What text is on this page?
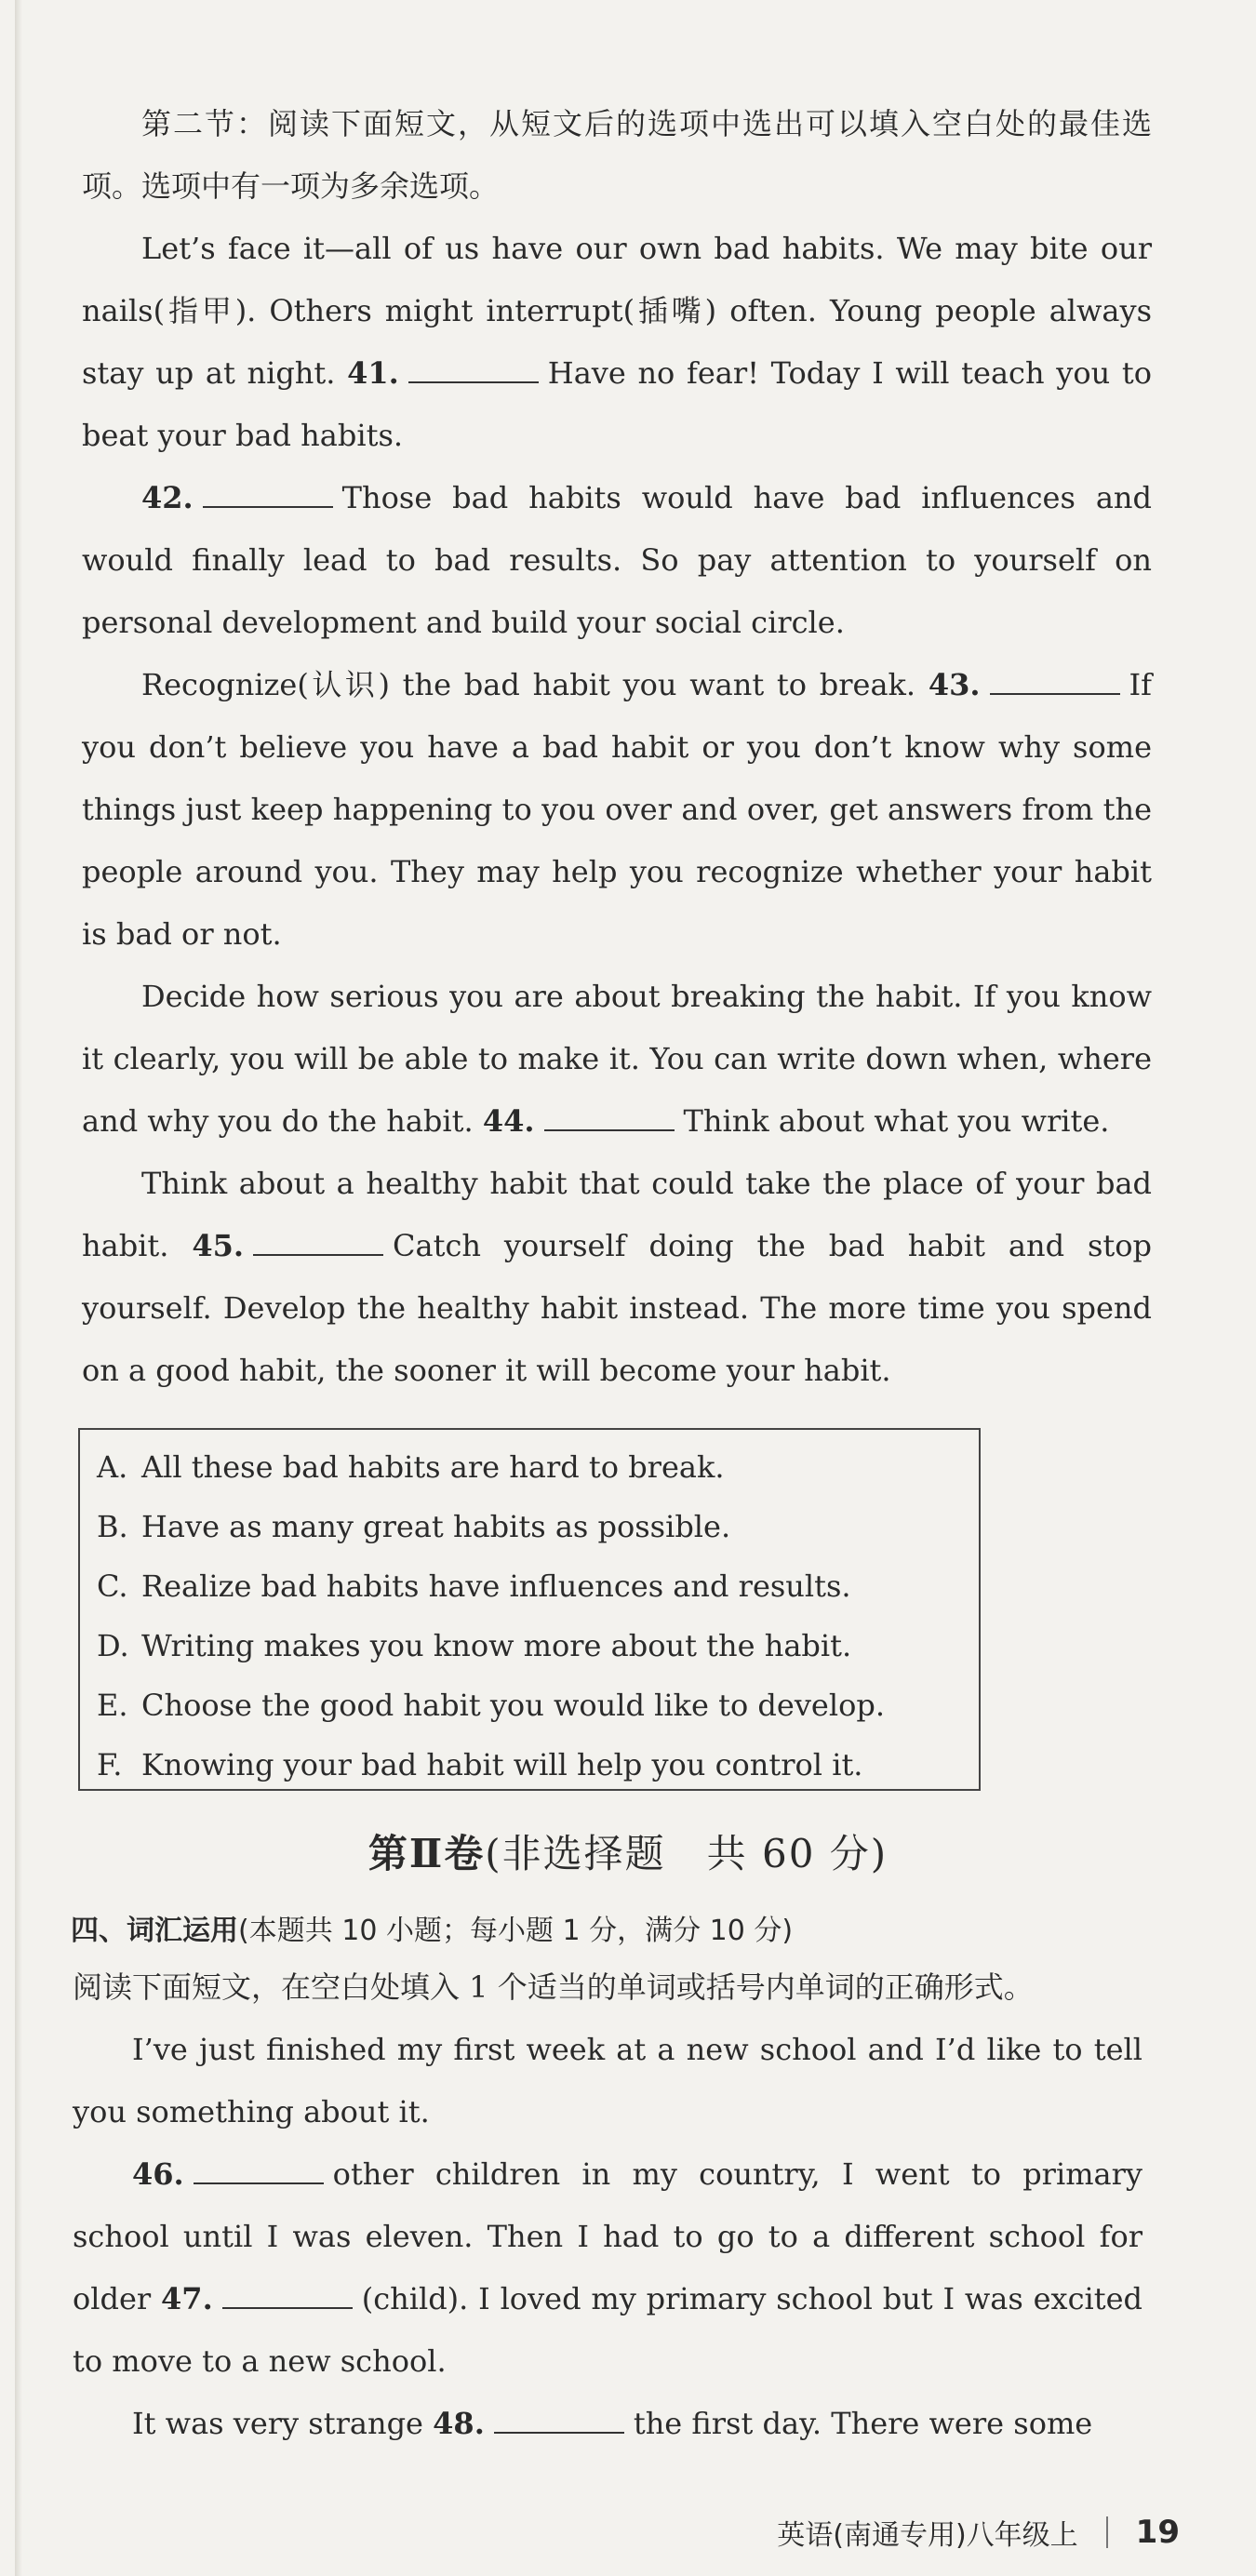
第二节：阅读下面短文，从短文后的选项中选出可以填入空白处的最佳选项。选项中有一项为多余选项。

Let’s face it—all of us have our own bad habits. We may bite our nails(指甲). Others might interrupt(插嘴) often. Young people always stay up at night. 41.	Have no fear! Today I will teach you to beat your bad habits.

42.	Those bad habits would have bad influences and would finally lead to bad results. So pay attention to yourself on personal development and build your social circle.

Recognize(认识) the bad habit you want to break. 43.	If you don’t believe you have a bad habit or you don’t know why some things just keep happening to you over and over, get answers from the people around you. They may help you recognize whether your habit is bad or not.

Decide how serious you are about breaking the habit. If you know it clearly, you will be able to make it. You can write down when, where and why you do the habit. 44.	Think about what you write.

Think about a healthy habit that could take the place of your bad habit. 45.	Catch yourself doing the bad habit and stop yourself. Develop the healthy habit instead. The more time you spend on a good habit, the sooner it will become your habit.

A. All these bad habits are hard to break.
B. Have as many great habits as possible.
C. Realize bad habits have influences and results.
D. Writing makes you know more about the habit.
E. Choose the good habit you would like to develop.
F. Knowing your bad habit will help you control it.
第Ⅱ卷(非选择题　共 60 分)
四、词汇运用(本题共 10 小题；每小题 1 分，满分 10 分)

阅读下面短文，在空白处填入 1 个适当的单词或括号内单词的正确形式。

I’ve just finished my first week at a new school and I’d like to tell you something about it.

46.	other children in my country, I went to primary school until I was eleven. Then I had to go to a different school for older 47.	(child). I loved my primary school but I was excited to move to a new school.

It was very strange 48.	the first day. There were some

英语(南通专用)八年级上 19
